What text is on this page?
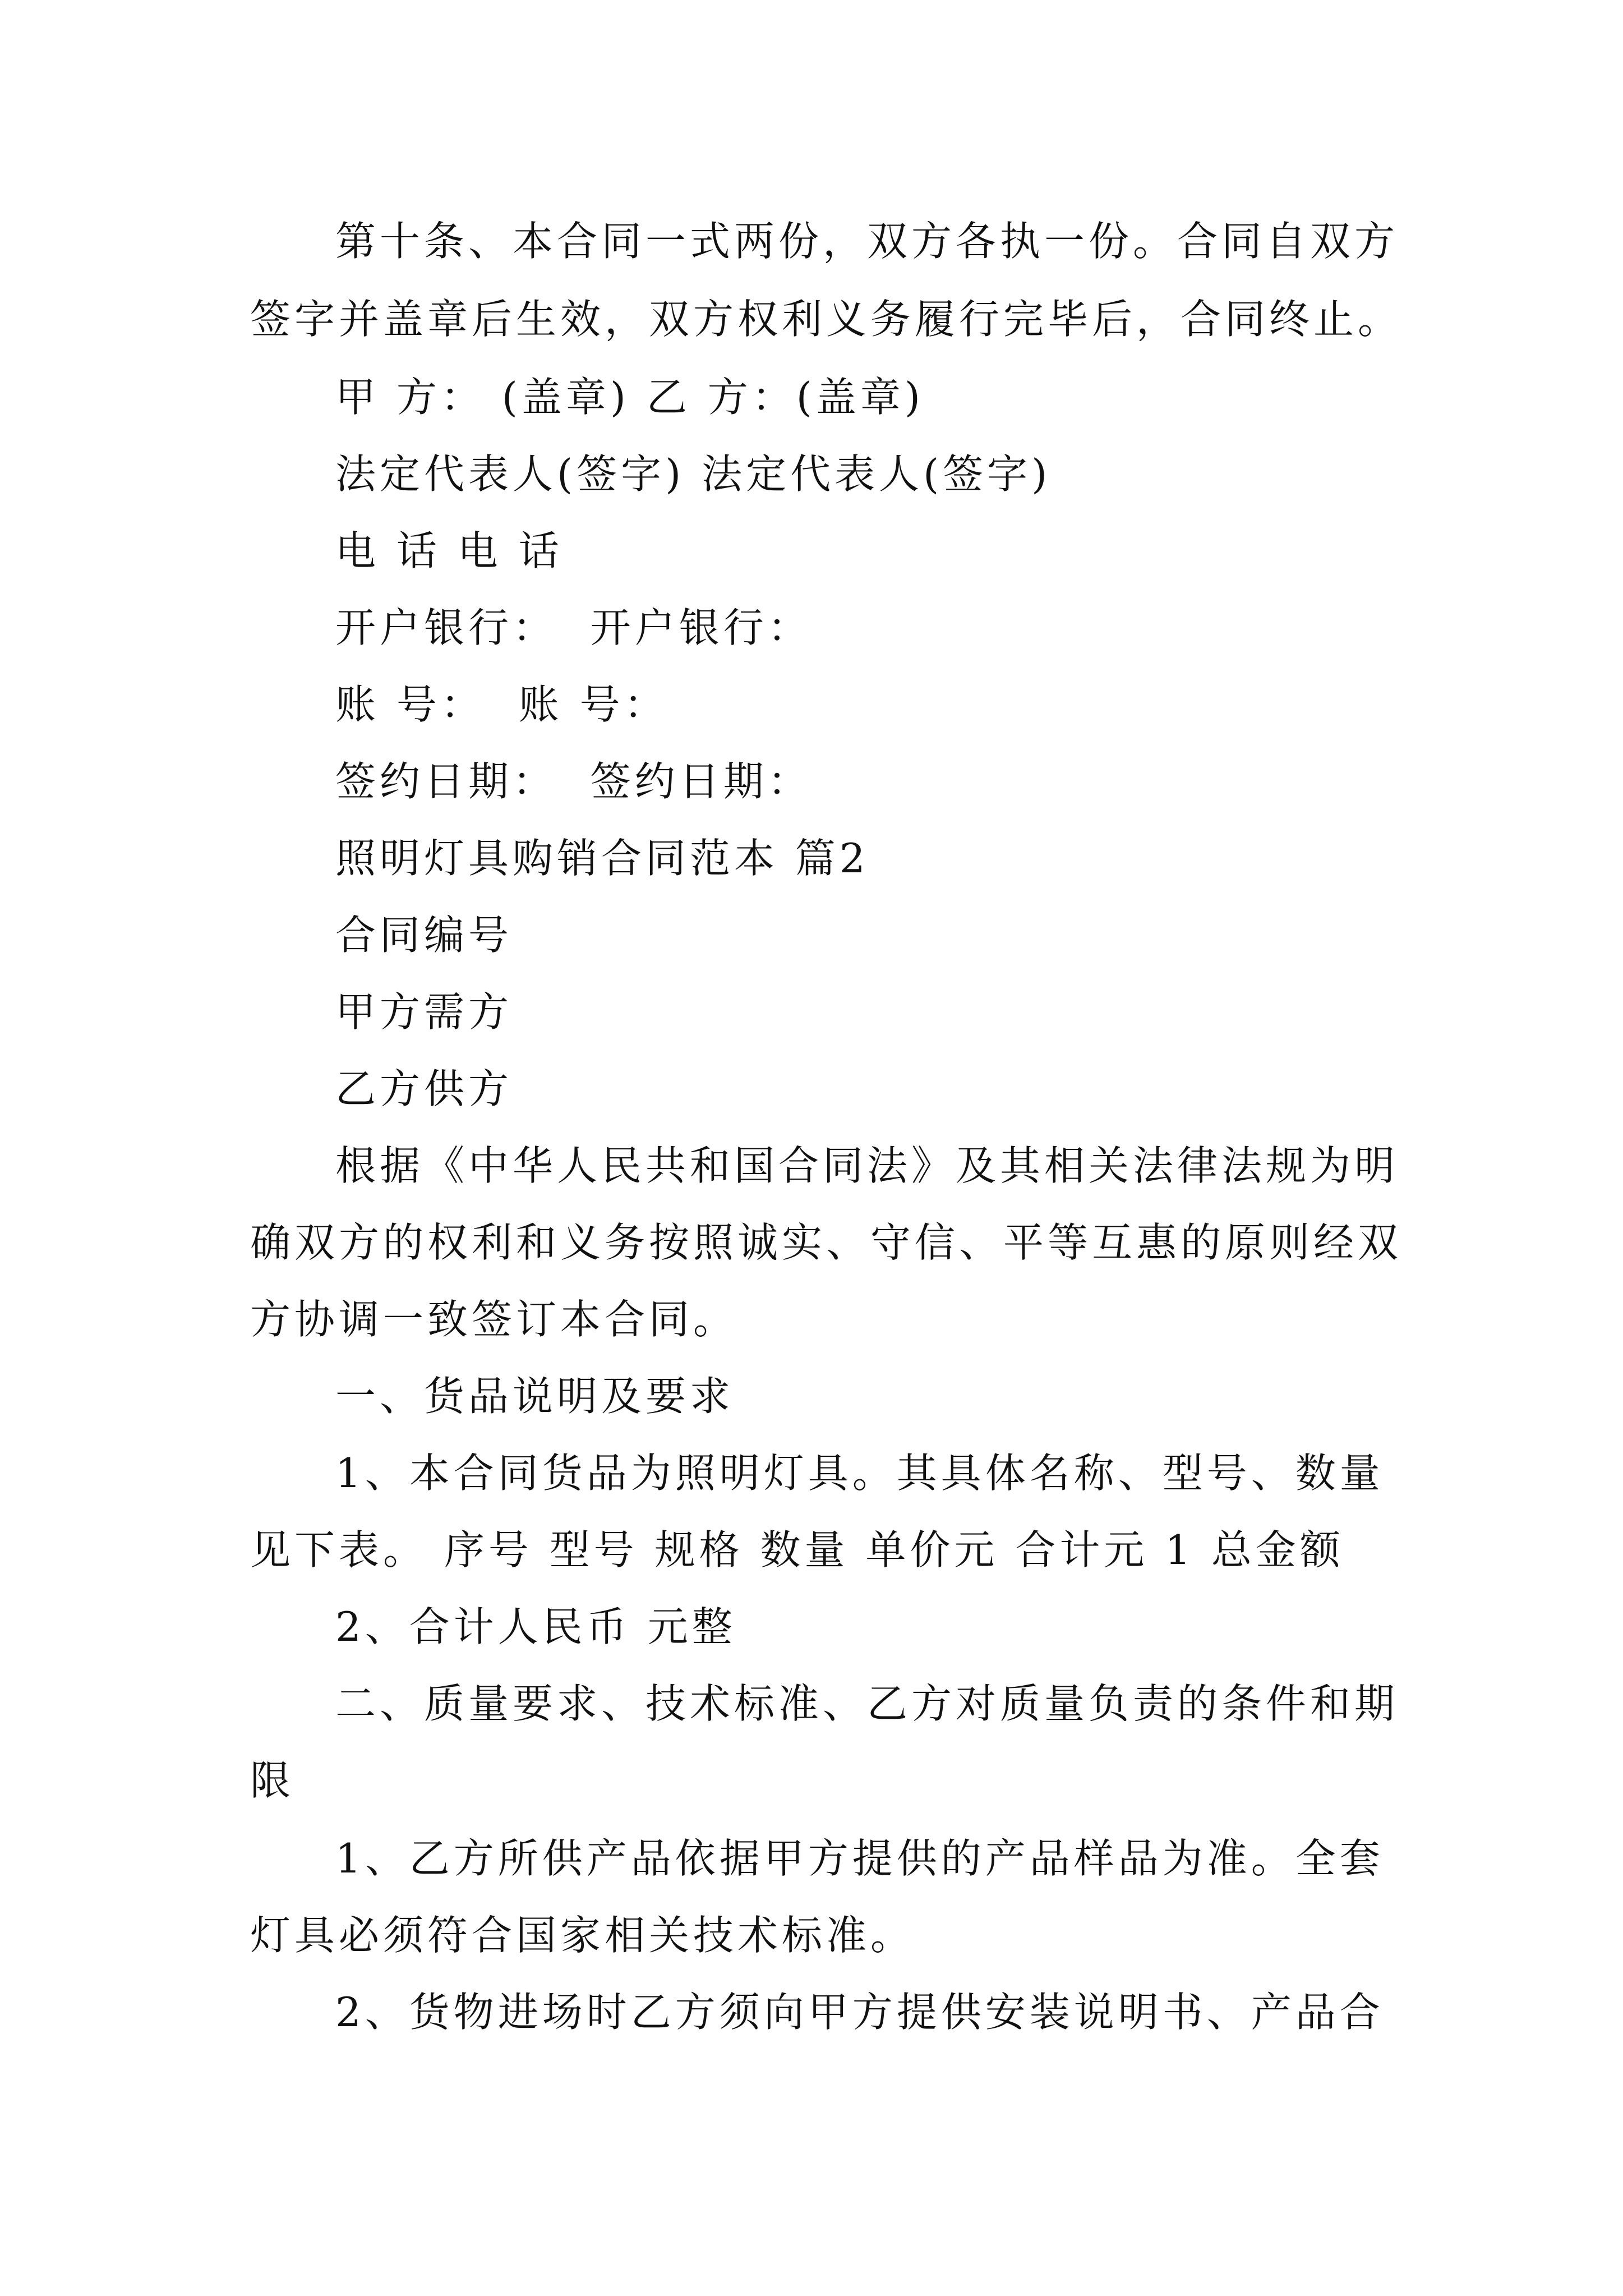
第十条、本合同一式两份，双方各执一份。合同自双方
签字并盖章后生效，双方权利义务履行完毕后，合同终止。
甲 方： (盖章) 乙 方：(盖章)
法定代表人(签字) 法定代表人(签字)
电 话 电 话
开户银行：  开户银行：
账 号：  账 号：
签约日期：  签约日期：
照明灯具购销合同范本 篇2
合同编号
甲方需方
乙方供方
根据《中华人民共和国合同法》及其相关法律法规为明
确双方的权利和义务按照诚实、守信、平等互惠的原则经双
方协调一致签订本合同。
一、货品说明及要求
1、本合同货品为照明灯具。其具体名称、型号、数量
见下表。 序号 型号 规格 数量 单价元 合计元 1 总金额
2、合计人民币 元整
二、质量要求、技术标准、乙方对质量负责的条件和期
限
1、乙方所供产品依据甲方提供的产品样品为准。全套
灯具必须符合国家相关技术标准。
2、货物进场时乙方须向甲方提供安装说明书、产品合
